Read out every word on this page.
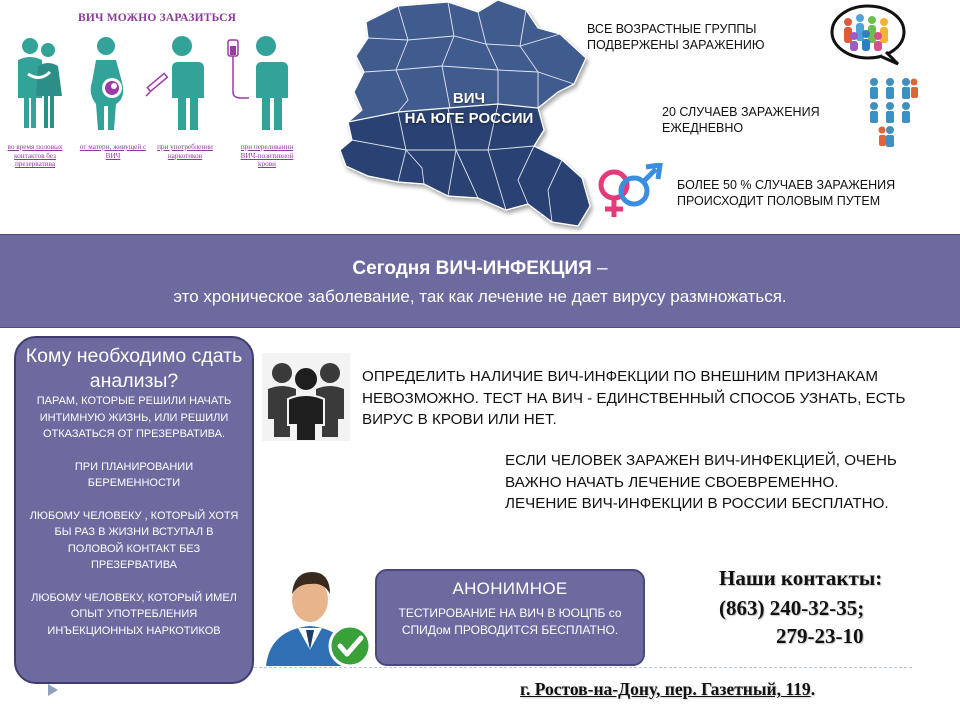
ВИЧ МОЖНО ЗАРАЗИТЬСЯ
во время половых контактов без презерватива
от матери, живущей с ВИЧ
при употреблении наркотиков
при переливании ВИЧ-позитивной крови
ВИЧ
НА ЮГЕ РОССИИ
ВСЕ ВОЗРАСТНЫЕ ГРУППЫ ПОДВЕРЖЕНЫ ЗАРАЖЕНИЮ
20 СЛУЧАЕВ ЗАРАЖЕНИЯ ЕЖЕДНЕВНО
БОЛЕЕ 50 % СЛУЧАЕВ ЗАРАЖЕНИЯ ПРОИСХОДИТ ПОЛОВЫМ ПУТЕМ
Сегодня ВИЧ-ИНФЕКЦИЯ –
это хроническое заболевание, так как лечение не дает вирусу размножаться.
Кому необходимо сдать анализы?
ПАРАМ, КОТОРЫЕ РЕШИЛИ НАЧАТЬ ИНТИМНУЮ ЖИЗНЬ, ИЛИ РЕШИЛИ ОТКАЗАТЬСЯ ОТ ПРЕЗЕРВАТИВА.
ПРИ ПЛАНИРОВАНИИ БЕРЕМЕННОСТИ
ЛЮБОМУ ЧЕЛОВЕКУ , КОТОРЫЙ ХОТЯ БЫ РАЗ В ЖИЗНИ ВСТУПАЛ В ПОЛОВОЙ КОНТАКТ БЕЗ ПРЕЗЕРВАТИВА
ЛЮБОМУ ЧЕЛОВЕКУ, КОТОРЫЙ ИМЕЛ ОПЫТ УПОТРЕБЛЕНИЯ ИНЪЕКЦИОННЫХ НАРКОТИКОВ
ОПРЕДЕЛИТЬ НАЛИЧИЕ ВИЧ-ИНФЕКЦИИ ПО ВНЕШНИМ ПРИЗНАКАМ НЕВОЗМОЖНО. ТЕСТ НА ВИЧ - ЕДИНСТВЕННЫЙ СПОСОБ УЗНАТЬ, ЕСТЬ ВИРУС В КРОВИ ИЛИ НЕТ.
ЕСЛИ ЧЕЛОВЕК ЗАРАЖЕН ВИЧ-ИНФЕКЦИЕЙ, ОЧЕНЬ ВАЖНО НАЧАТЬ ЛЕЧЕНИЕ СВОЕВРЕМЕННО.
ЛЕЧЕНИЕ ВИЧ-ИНФЕКЦИИ В РОССИИ БЕСПЛАТНО.
АНОНИМНОЕ
ТЕСТИРОВАНИЕ НА ВИЧ В ЮОЦПБ со СПИДом ПРОВОДИТСЯ БЕСПЛАТНО.
Наши контакты:
(863) 240-32-35;
279-23-10
г. Ростов-на-Дону, пер. Газетный, 119.
